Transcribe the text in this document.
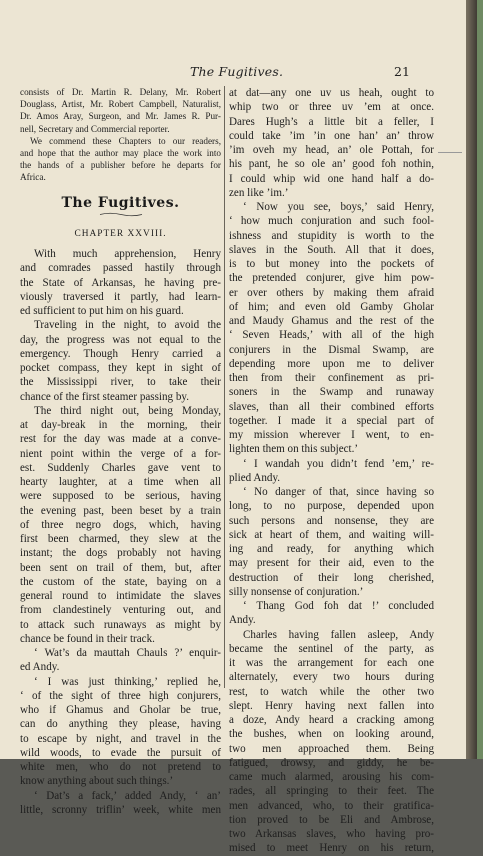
The Fugitives.	21

consists of Dr. Martin R. Delany, Mr. Robert

Douglass, Artist, Mr. Robert Campbell, Naturalist,

Dr. Amos Aray, Surgeon, and Mr. James R. Pur-

nell, Secretary and Commercial reporter.

We commend these Chapters to our readers,

and hope that the author may place the work into

the hands of a publisher before he departs for

Africa.

The Fugitives.
CHAPTER XXVIII.

With much apprehension, Henry

and comrades passed hastily through

the State of Arkansas, he having pre-

viously traversed it partly, had learn-

ed sufficient to put him on his guard.

Traveling in the night, to avoid the

day, the progress was not equal to the

emergency. Though Henry carried a

pocket compass, they kept in sight of

the Mississippi river, to take their

chance of the first steamer passing by.

The third night out, being Monday,

at day-break in the morning, their

rest for the day was made at a conve-

nient point within the verge of a for-

est. Suddenly Charles gave vent to

hearty laughter, at a time when all

were supposed to be serious, having

the evening past, been beset by a train

of three negro dogs, which, having

first been charmed, they slew at the

instant; the dogs probably not having

been sent on trail of them, but, after

the custom of the state, baying on a

general round to intimidate the slaves

from clandestinely venturing out, and

to attack such runaways as might by

chance be found in their track.

‘ Wat’s da mauttah Chauls ?’ enquir-

ed Andy.

‘ I was just thinking,’ replied he,

‘ of the sight of three high conjurers,

who if Ghamus and Gholar be true,

can do anything they please, having

to escape by night, and travel in the

wild woods, to evade the pursuit of

white men, who do not pretend to

know anything about such things.’

‘ Dat’s a fack,’ added Andy, ‘ an’

little, scronny triflin’ week, white men

at dat—any one uv us heah, ought to

whip two or three uv ’em at once.

Dares Hugh’s a little bit a feller, I

could take ’im ’in one han’ an’ throw

’im oveh my head, an’ ole Pottah, for

his pant, he so ole an’ good foh nothin,

I could whip wid one hand half a do-

zen like ’im.’

‘ Now you see, boys,’ said Henry,

‘ how much conjuration and such fool-

ishness and stupidity is worth to the

slaves in the South. All that it does,

is to but money into the pockets of

the pretended conjurer, give him pow-

er over others by making them afraid

of him; and even old Gamby Gholar

and Maudy Ghamus and the rest of the

‘ Seven Heads,’ with all of the high

conjurers in the Dismal Swamp, are

depending more upon me to deliver

then from their confinement as pri-

soners in the Swamp and runaway

slaves, than all their combined efforts

together. I made it a special part of

my mission wherever I went, to en-

lighten them on this subject.’

‘ I wandah you didn’t fend ’em,’ re-

plied Andy.

‘ No danger of that, since having so

long, to no purpose, depended upon

such persons and nonsense, they are

sick at heart of them, and waiting will-

ing and ready, for anything which

may present for their aid, even to the

destruction of their long cherished,

silly nonsense of conjuration.’

‘ Thang God foh dat !’ concluded

Andy.

Charles having fallen asleep, Andy

became the sentinel of the party, as

it was the arrangement for each one

alternately, every two hours during

rest, to watch while the other two

slept. Henry having next fallen into

a doze, Andy heard a cracking among

the bushes, when on looking around,

two men approached them. Being

fatigued, drowsy, and giddy, he be-

came much alarmed, arousing his com-

rades, all springing to their feet. The

men advanced, who, to their gratifica-

tion proved to be Eli and Ambrose,

two Arkansas slaves, who having pro-

mised to meet Henry on his return,
